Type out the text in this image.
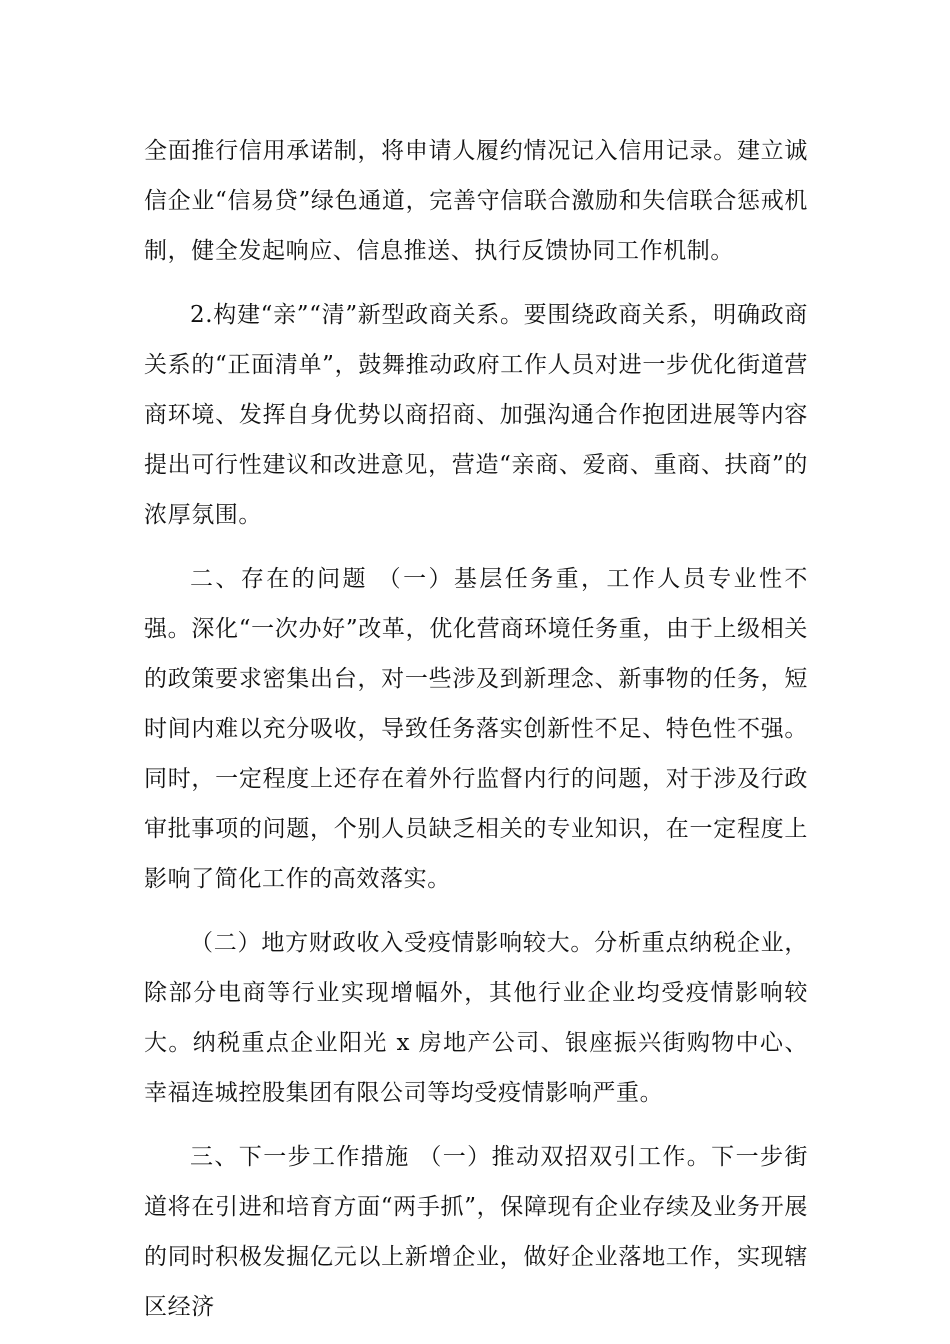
全面推行信用承诺制，将申请人履约情况记入信用记录。建立诚信企业“信易贷”绿色通道，完善守信联合激励和失信联合惩戒机制，健全发起响应、信息推送、执行反馈协同工作机制。

2.构建“亲”“清”新型政商关系。要围绕政商关系，明确政商关系的“正面清单”，鼓舞推动政府工作人员对进一步优化街道营商环境、发挥自身优势以商招商、加强沟通合作抱团进展等内容提出可行性建议和改进意见，营造“亲商、爱商、重商、扶商”的浓厚氛围。

二、存在的问题 （一）基层任务重，工作人员专业性不强。深化“一次办好”改革，优化营商环境任务重，由于上级相关的政策要求密集出台，对一些涉及到新理念、新事物的任务，短时间内难以充分吸收，导致任务落实创新性不足、特色性不强。同时，一定程度上还存在着外行监督内行的问题，对于涉及行政审批事项的问题，个别人员缺乏相关的专业知识，在一定程度上影响了简化工作的高效落实。

（二）地方财政收入受疫情影响较大。分析重点纳税企业，除部分电商等行业实现增幅外，其他行业企业均受疫情影响较大。纳税重点企业阳光 x 房地产公司、银座振兴街购物中心、幸福连城控股集团有限公司等均受疫情影响严重。

三、下一步工作措施 （一）推动双招双引工作。下一步街道将在引进和培育方面“两手抓”，保障现有企业存续及业务开展的同时积极发掘亿元以上新增企业，做好企业落地工作，实现辖区经济
